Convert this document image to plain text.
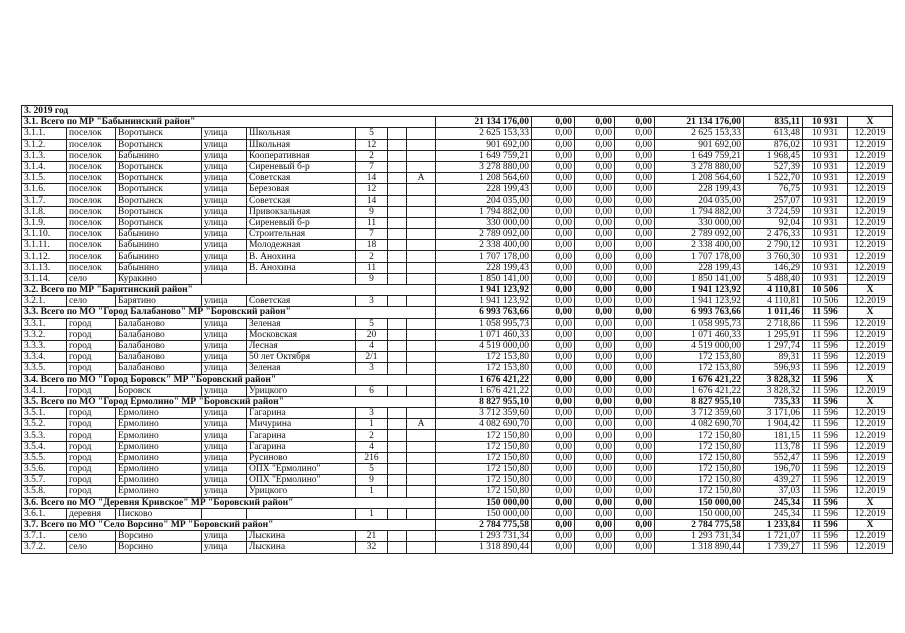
3. 2019 год															
3.1. Всего по МР "Бабынинский район"								21 134 176,00	0,00	0,00	0,00	21 134 176,00	835,11	10 931	X
3.1.1.	поселок	Воротынск	улица	Школьная	5			2 625 153,33	0,00	0,00	0,00	2 625 153,33	613,48	10 931	12.2019
3.1.2.	поселок	Воротынск	улица	Школьная	12			901 692,00	0,00	0,00	0,00	901 692,00	876,02	10 931	12.2019
3.1.3.	поселок	Бабынино	улица	Кооперативная	2			1 649 759,21	0,00	0,00	0,00	1 649 759,21	1 968,45	10 931	12.2019
3.1.4.	поселок	Воротынск	улица	Сиреневый б-р	7			3 278 880,00	0,00	0,00	0,00	3 278 880,00	527,39	10 931	12.2019
3.1.5.	поселок	Воротынск	улица	Советская	14		А	1 208 564,60	0,00	0,00	0,00	1 208 564,60	1 522,70	10 931	12.2019
3.1.6.	поселок	Воротынск	улица	Березовая	12			228 199,43	0,00	0,00	0,00	228 199,43	76,75	10 931	12.2019
3.1.7.	поселок	Воротынск	улица	Советская	14			204 035,00	0,00	0,00	0,00	204 035,00	257,07	10 931	12.2019
3.1.8.	поселок	Воротынск	улица	Привокзальная	9			1 794 882,00	0,00	0,00	0,00	1 794 882,00	3 724,59	10 931	12.2019
3.1.9.	поселок	Воротынск	улица	Сиреневый б-р	11			330 000,00	0,00	0,00	0,00	330 000,00	92,04	10 931	12.2019
3.1.10.	поселок	Бабынино	улица	Строительная	7			2 789 092,00	0,00	0,00	0,00	2 789 092,00	2 476,33	10 931	12.2019
3.1.11.	поселок	Бабынино	улица	Молодежная	18			2 338 400,00	0,00	0,00	0,00	2 338 400,00	2 790,12	10 931	12.2019
3.1.12.	поселок	Бабынино	улица	В. Анохина	2			1 707 178,00	0,00	0,00	0,00	1 707 178,00	3 760,30	10 931	12.2019
3.1.13.	поселок	Бабынино	улица	В. Анохина	11			228 199,43	0,00	0,00	0,00	228 199,43	146,29	10 931	12.2019
3.1.14.	село	Куракино			9			1 850 141,00	0,00	0,00	0,00	1 850 141,00	5 488,40	10 931	12.2019
3.2. Всего по МР "Барятинский район"								1 941 123,92	0,00	0,00	0,00	1 941 123,92	4 110,81	10 506	X
3.2.1.	село	Барятино	улица	Советская	3			1 941 123,92	0,00	0,00	0,00	1 941 123,92	4 110,81	10 506	12.2019
3.3. Всего по МО "Город Балабаново" МР "Боровский район"								6 993 763,66	0,00	0,00	0,00	6 993 763,66	1 011,46	11 596	X
3.3.1.	город	Балабаново	улица	Зеленая	5			1 058 995,73	0,00	0,00	0,00	1 058 995,73	2 718,86	11 596	12.2019
3.3.2.	город	Балабаново	улица	Московская	20			1 071 460,33	0,00	0,00	0,00	1 071 460,33	1 295,91	11 596	12.2019
3.3.3.	город	Балабаново	улица	Лесная	4			4 519 000,00	0,00	0,00	0,00	4 519 000,00	1 297,74	11 596	12.2019
3.3.4.	город	Балабаново	улица	50 лет Октября	2/1			172 153,80	0,00	0,00	0,00	172 153,80	89,31	11 596	12.2019
3.3.5.	город	Балабаново	улица	Зеленая	3			172 153,80	0,00	0,00	0,00	172 153,80	596,93	11 596	12.2019
3.4. Всего по МО "Город Боровск" МР "Боровский район"								1 676 421,22	0,00	0,00	0,00	1 676 421,22	3 828,32	11 596	X
3.4.1.	город	Боровск	улица	Урицкого	6			1 676 421,22	0,00	0,00	0,00	1 676 421,22	3 828,32	11 596	12.2019
3.5. Всего по МО "Город Ермолино" МР "Боровский район"								8 827 955,10	0,00	0,00	0,00	8 827 955,10	735,33	11 596	X
3.5.1.	город	Ермолино	улица	Гагарина	3			3 712 359,60	0,00	0,00	0,00	3 712 359,60	3 171,06	11 596	12.2019
3.5.2.	город	Ермолино	улица	Мичурина	1		А	4 082 690,70	0,00	0,00	0,00	4 082 690,70	1 904,42	11 596	12.2019
3.5.3.	город	Ермолино	улица	Гагарина	2			172 150,80	0,00	0,00	0,00	172 150,80	181,15	11 596	12.2019
3.5.4.	город	Ермолино	улица	Гагарина	4			172 150,80	0,00	0,00	0,00	172 150,80	113,78	11 596	12.2019
3.5.5.	город	Ермолино	улица	Русиново	216			172 150,80	0,00	0,00	0,00	172 150,80	552,47	11 596	12.2019
3.5.6.	город	Ермолино	улица	ОПХ "Ермолино"	5			172 150,80	0,00	0,00	0,00	172 150,80	196,70	11 596	12.2019
3.5.7.	город	Ермолино	улица	ОПХ "Ермолино"	9			172 150,80	0,00	0,00	0,00	172 150,80	439,27	11 596	12.2019
3.5.8.	город	Ермолино	улица	Урицкого	1			172 150,80	0,00	0,00	0,00	172 150,80	37,03	11 596	12.2019
3.6. Всего по МО "Деревня Кривское" МР "Боровский район"								150 000,00	0,00	0,00	0,00	150 000,00	245,34	11 596	X
3.6.1.	деревня	Писково			1			150 000,00	0,00	0,00	0,00	150 000,00	245,34	11 596	12.2019
3.7. Всего по МО "Село Ворсино" МР "Боровский район"								2 784 775,58	0,00	0,00	0,00	2 784 775,58	1 233,84	11 596	X
3.7.1.	село	Ворсино	улица	Лыскина	21			1 293 731,34	0,00	0,00	0,00	1 293 731,34	1 721,07	11 596	12.2019
3.7.2.	село	Ворсино	улица	Лыскина	32			1 318 890,44	0,00	0,00	0,00	1 318 890,44	1 739,27	11 596	12.2019
